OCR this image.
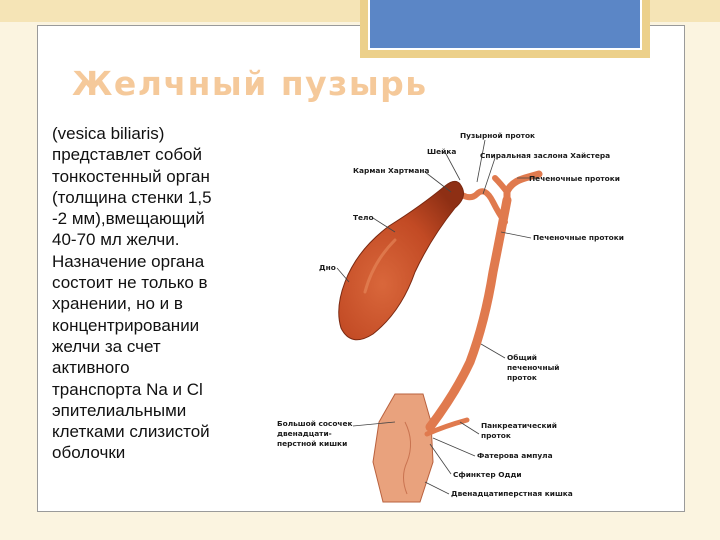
Желчный пузырь

(vesica biliaris)
представлет собой
тонкостенный орган
(толщина стенки 1,5
-2 мм),вмещающий
40-70 мл желчи.
Назначение органа
состоит не только в
хранении, но и в
концентрировании
желчи за счет
активного
транспорта Na и Cl
эпителиальными
клетками слизистой
оболочки

Пузырной проток
Шейка	Спиральная заслона Хайстера
Карман Хартмана
Печеночные протоки
Тело
Печеночные протоки
Дно
Общий
печеночный
проток
Большой сосочек
двенадцати-
перстной кишки
Панкреатический
проток
Фатерова ампула
Сфинктер Одди
Двенадцатиперстная кишка
